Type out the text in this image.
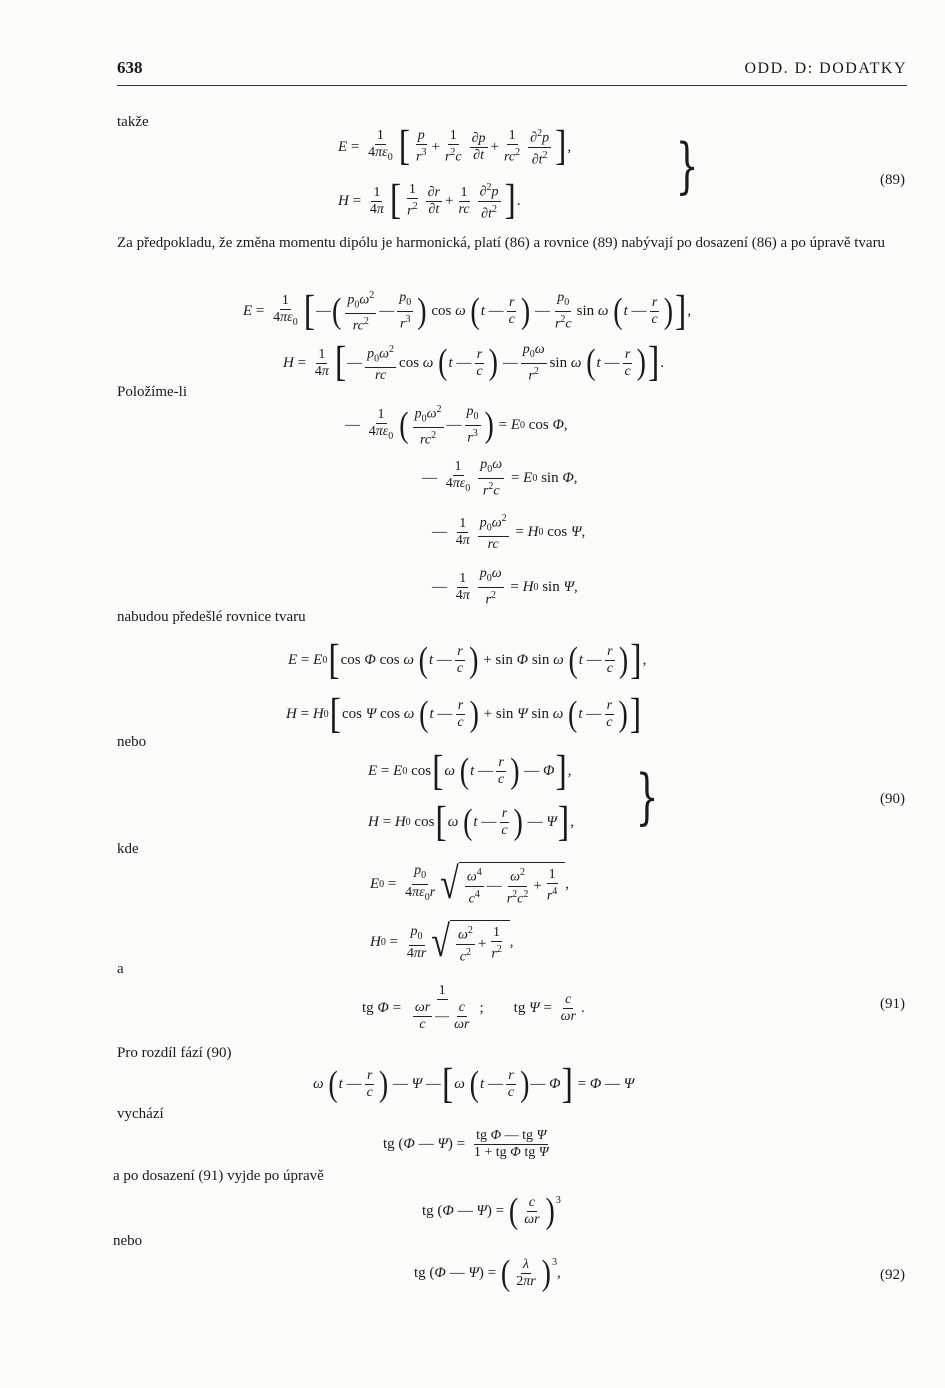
638	ODD. D: DODATKY
takže
$E = \frac{1}{4\pi\varepsilon_0}$ [ $\frac{p}{r^3} + \frac{1}{r^2c} \frac{\partial p}{\partial t} + \frac{1}{rc^2} \frac{\partial^2p}{\partial t^2}$ ] ,
$H = \frac{1}{4\pi}$ [ $\frac{1}{r^2} \frac{\partial r}{\partial t} + \frac{1}{rc} \frac{\partial^2p}{\partial t^2}$ ] .	}	(89)
Za předpokladu, že změna momentu dipólu je harmonická, platí (86) a rovnice (89) nabývají po dosazení (86) a po úpravě tvaru
$E = \frac{1}{4\pi\varepsilon_0}$ [ — ( $\frac{p_0\omega^2}{rc^2}$ — $\frac{p_0}{r^3}$ ) cos ω
( t — $\frac{r}{c}$ ) — $\frac{p_0}{r^2c}$ sin ω
( t — $\frac{r}{c}$ ) ] ,
$H = \frac{1}{4\pi}$ [ — $\frac{p_0\omega^2}{rc}$ cos ω
( t — $\frac{r}{c}$ ) — $\frac{p_0\omega}{r^2}$ sin ω
( t — $\frac{r}{c}$ ) ] .
Položíme-li
— $\frac{1}{4\pi\varepsilon_0}$ ( $\frac{p_0\omega^2}{rc^2}$ — $\frac{p_0}{r^3}$ ) = E 0 cos Φ ,
— $\frac{1}{4\pi\varepsilon_0} \frac{p_0\omega}{r^2c} = E$ 0 sin Φ ,
— $\frac{1}{4\pi} \frac{p_0\omega^2}{rc} = H$ 0 cos Ψ ,
— $\frac{1}{4\pi} \frac{p_0\omega}{r^2} = H$ 0 sin Ψ ,
nabudou předešlé rovnice tvaru
E = E 0 [ cos Φ cos ω
( t — $\frac{r}{c}$ ) + sin Φ sin ω
( t — $\frac{r}{c}$ ) ] ,
H = H 0 [ cos Ψ cos ω
( t — $\frac{r}{c}$ ) + sin Ψ sin ω
( t — $\frac{r}{c}$ ) ]
nebo
E = E 0 cos [ ω
( t — $\frac{r}{c}$ ) — Φ ] ,
H = H 0 cos [ ω
( t — $\frac{r}{c}$ ) — Ψ ] , }	(90)
kde
E $0 = \frac{p_0}{4\pi\varepsilon_0r}$ √ $\frac{\omega^4}{c^4}$ — $\frac{\omega^2}{r^2c^2} + \frac{1}{r^4}$ ,
H $0 = \frac{p_0}{4\pi r}$ √ $\frac{\omega^2}{c^2} + \frac{1}{r^2}$ ,
a
tg $\Phi = \frac{1}{\frac{\omega r}{c} — \frac{c}{\omega r}}$ ;        tg $\Psi = \frac{c}{\omega r}$ .	(91)
Pro rozdíl fází (90)
ω
( t — $\frac{r}{c}$ ) — Ψ — [ ω
( t — $\frac{r}{c}$ ) — Φ ] = Φ — Ψ
vychází
tg ( Φ — Ψ ) = $\frac{\text{tg Φ — tg Ψ}}{\text{1 + tg Φ tg Ψ}}$
a po dosazení (91) vyjde po úpravě
tg ( Φ — Ψ ) = ( $\frac{c}{\omega r} )^3$
nebo
tg ( Φ — Ψ ) = ( $\frac{\lambda}{2\pi r} )^3$
,	(92)
